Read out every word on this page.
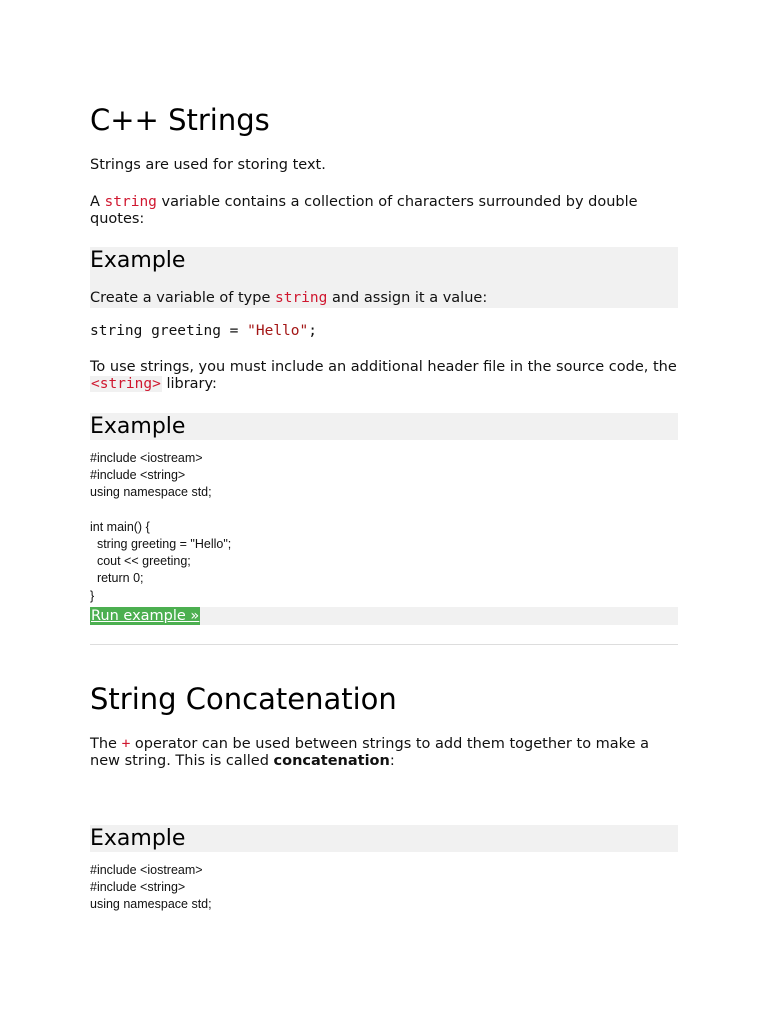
C++ Strings

Strings are used for storing text.

A string variable contains a collection of characters surrounded by double quotes:

Example

Create a variable of type string and assign it a value:

string greeting = "Hello";

To use strings, you must include an additional header file in the source code, the <string> library:

Example
#include <iostream>
#include <string>
using namespace std;

int main() {
string greeting = "Hello";
cout << greeting;
return 0;
}
Run example »
String Concatenation

The + operator can be used between strings to add them together to make a new string. This is called concatenation:

Example
#include <iostream>
#include <string>
using namespace std;
